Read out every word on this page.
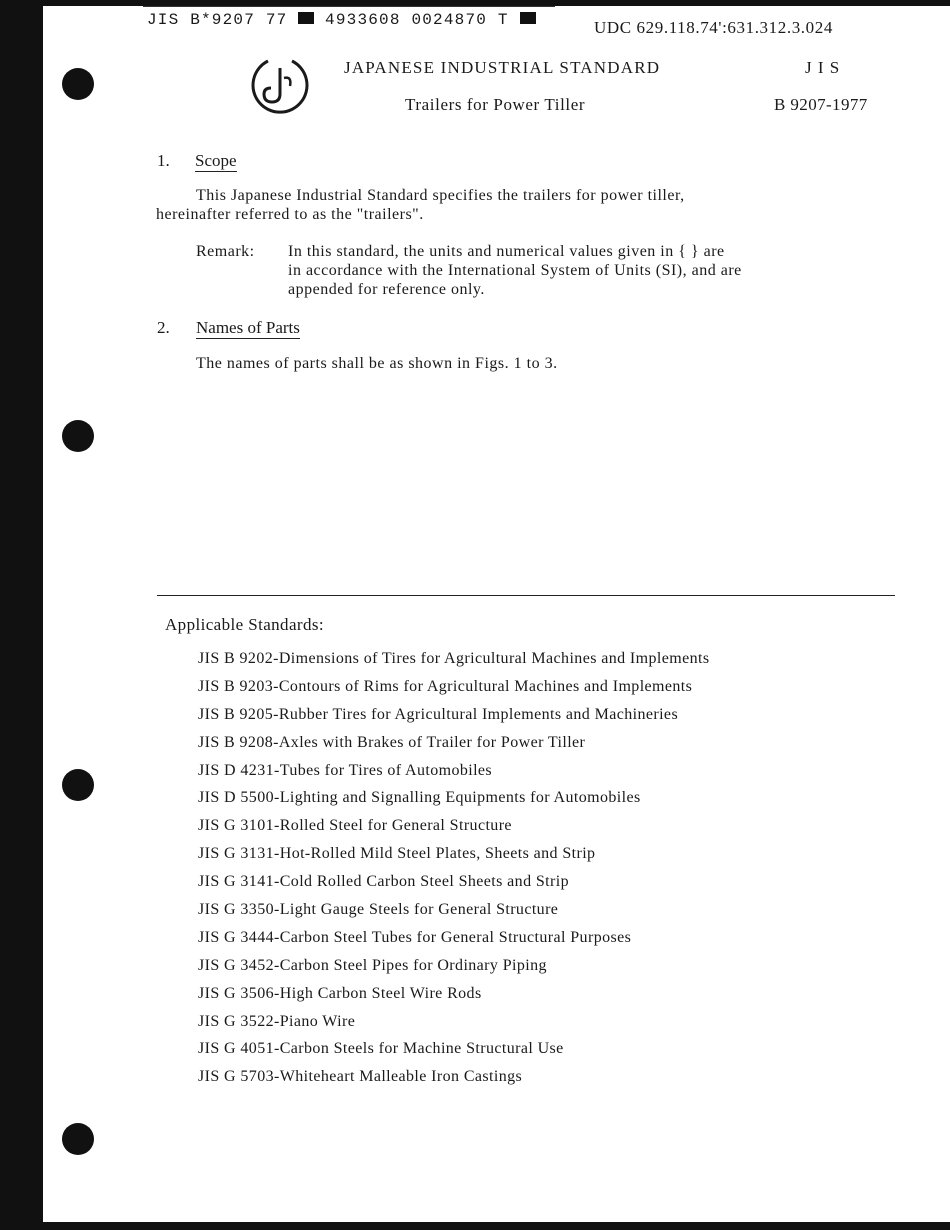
JIS B*9207 77 4933608 0024870 T	UDC 629.118.74':631.312.3.024
JAPANESE INDUSTRIAL STANDARD	J I S
Trailers for Power Tiller	B 9207-1977
1. Scope
This Japanese Industrial Standard specifies the trailers for power tiller,
hereinafter referred to as the "trailers".
Remark: In this standard, the units and numerical values given in { } are
in accordance with the International System of Units (SI), and are
appended for reference only.
2. Names of Parts
The names of parts shall be as shown in Figs. 1 to 3.
Applicable Standards:
JIS B 9202-Dimensions of Tires for Agricultural Machines and Implements
JIS B 9203-Contours of Rims for Agricultural Machines and Implements
JIS B 9205-Rubber Tires for Agricultural Implements and Machineries
JIS B 9208-Axles with Brakes of Trailer for Power Tiller
JIS D 4231-Tubes for Tires of Automobiles
JIS D 5500-Lighting and Signalling Equipments for Automobiles
JIS G 3101-Rolled Steel for General Structure
JIS G 3131-Hot-Rolled Mild Steel Plates, Sheets and Strip
JIS G 3141-Cold Rolled Carbon Steel Sheets and Strip
JIS G 3350-Light Gauge Steels for General Structure
JIS G 3444-Carbon Steel Tubes for General Structural Purposes
JIS G 3452-Carbon Steel Pipes for Ordinary Piping
JIS G 3506-High Carbon Steel Wire Rods
JIS G 3522-Piano Wire
JIS G 4051-Carbon Steels for Machine Structural Use
JIS G 5703-Whiteheart Malleable Iron Castings
